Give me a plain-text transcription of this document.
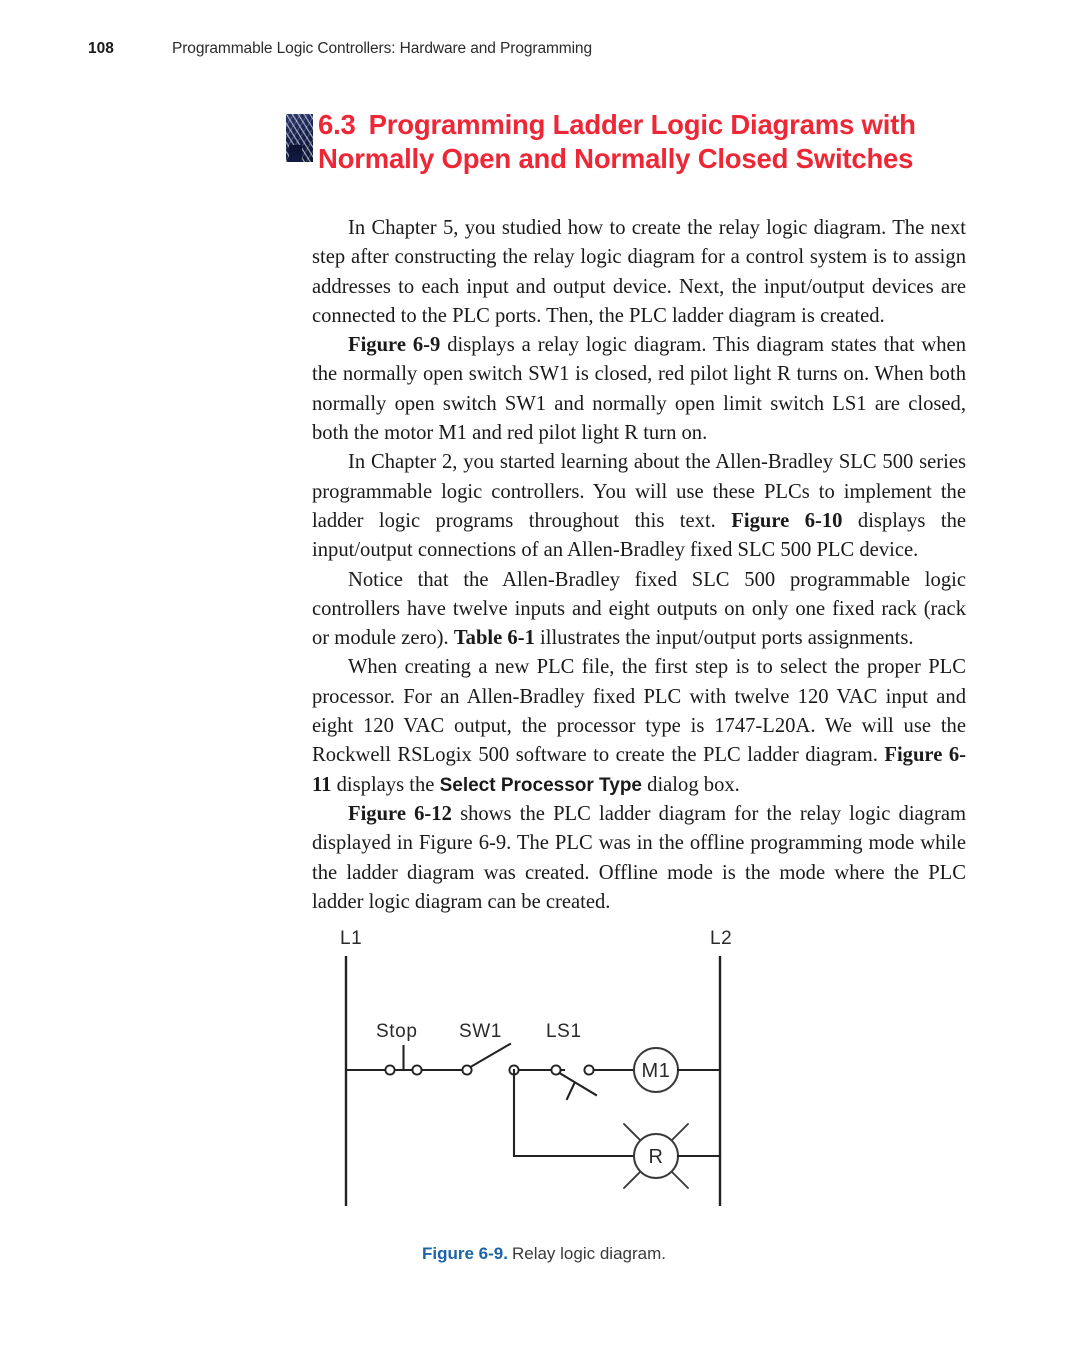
108	Programmable Logic Controllers: Hardware and Programming
6.3 Programming Ladder Logic Diagrams with Normally Open and Normally Closed Switches

In Chapter 5, you studied how to create the relay logic diagram. The next step after constructing the relay logic diagram for a control system is to assign addresses to each input and output device. Next, the input/output devices are connected to the PLC ports. Then, the PLC ladder diagram is created.

Figure 6-9 displays a relay logic diagram. This diagram states that when the normally open switch SW1 is closed, red pilot light R turns on. When both normally open switch SW1 and normally open limit switch LS1 are closed, both the motor M1 and red pilot light R turn on.

In Chapter 2, you started learning about the Allen-Bradley SLC 500 series programmable logic controllers. You will use these PLCs to implement the ladder logic programs throughout this text. Figure 6-10 displays the input/output connections of an Allen-Bradley fixed SLC 500 PLC device.

Notice that the Allen-Bradley fixed SLC 500 programmable logic controllers have twelve inputs and eight outputs on only one fixed rack (rack or module zero). Table 6-1 illustrates the input/output ports assignments.

When creating a new PLC file, the first step is to select the proper PLC processor. For an Allen-Bradley fixed PLC with twelve 120 VAC input and eight 120 VAC output, the processor type is 1747-L20A. We will use the Rockwell RSLogix 500 software to create the PLC ladder diagram. Figure 6-11 displays the Select Processor Type dialog box.

Figure 6-12 shows the PLC ladder diagram for the relay logic diagram displayed in Figure 6-9. The PLC was in the offline programming mode while the ladder diagram was created. Offline mode is the mode where the PLC ladder logic diagram can be created.

L1	L2
Stop SW1 LS1
M1
R
Figure 6-9. Relay logic diagram.
